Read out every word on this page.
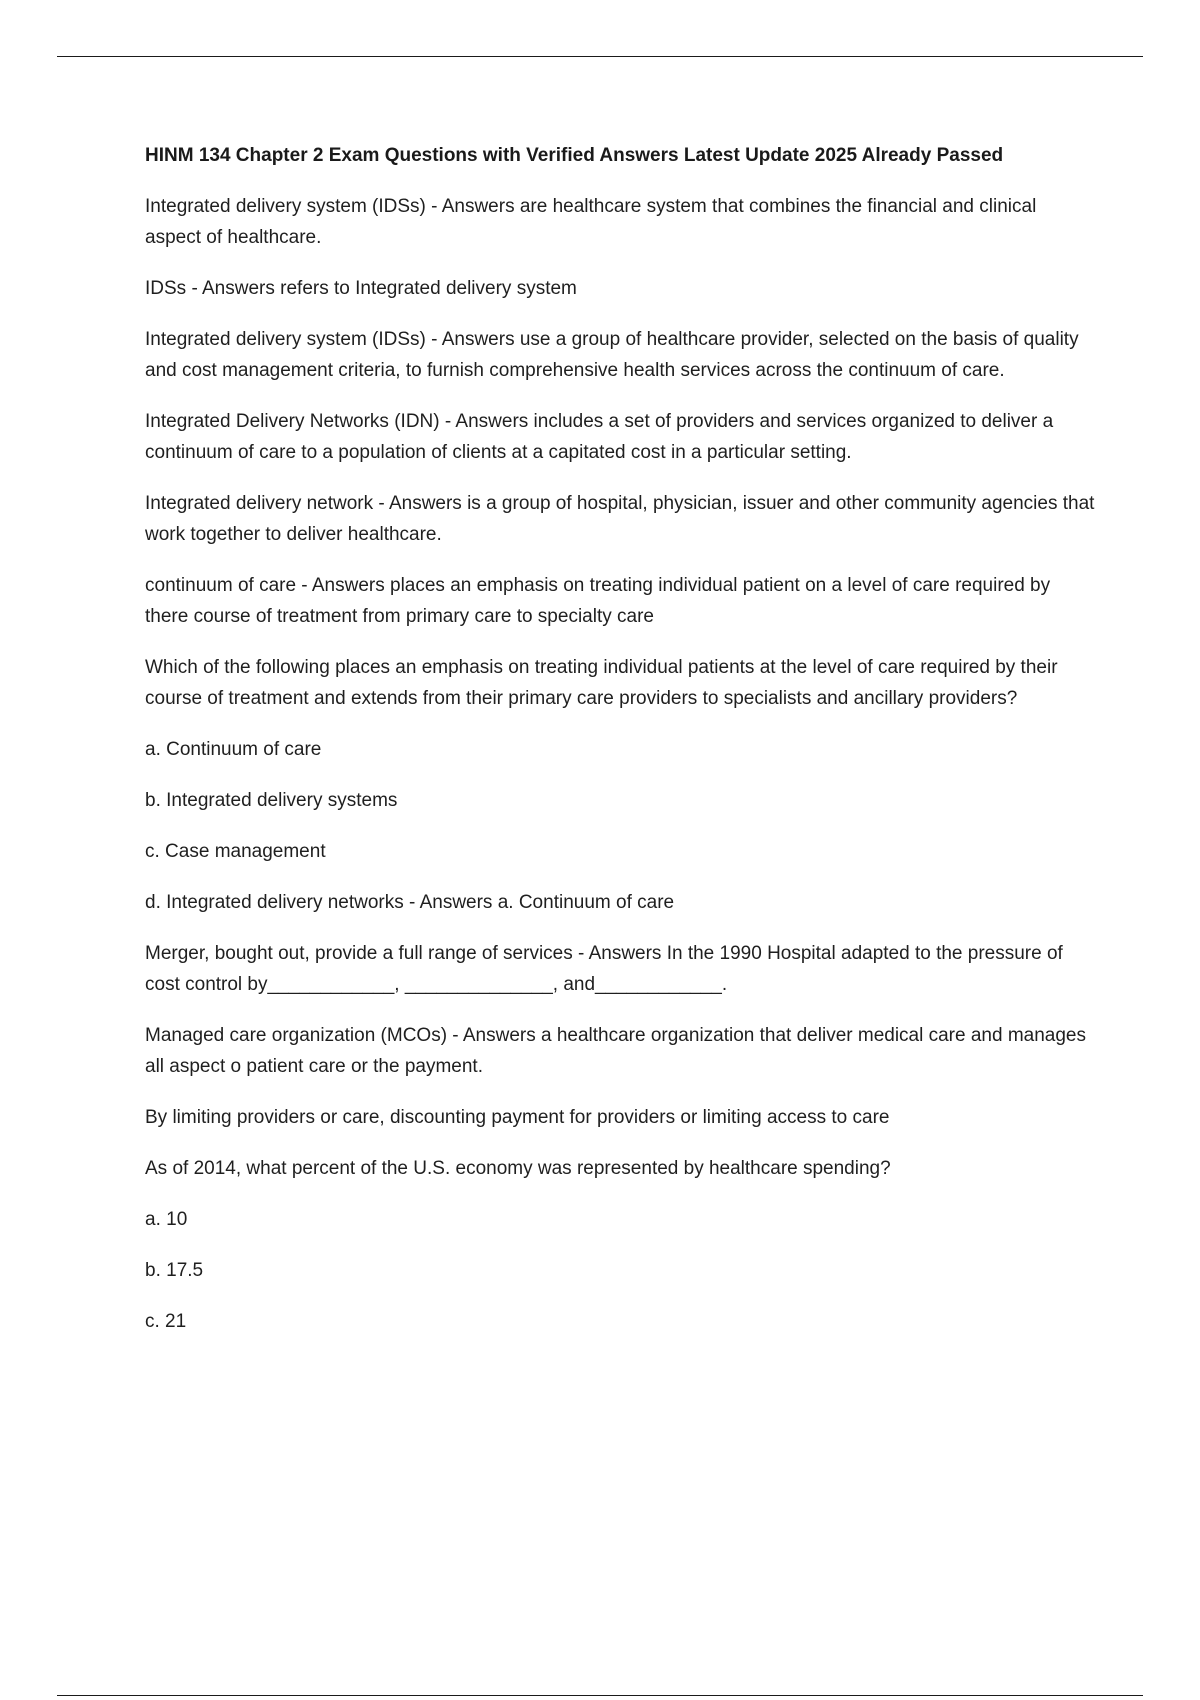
HINM 134 Chapter 2 Exam Questions with Verified Answers Latest Update 2025 Already Passed

Integrated delivery system (IDSs) - Answers are healthcare system that combines the financial and clinical aspect of healthcare.

IDSs - Answers refers to Integrated delivery system

Integrated delivery system (IDSs) - Answers use a group of healthcare provider, selected on the basis of quality and cost management criteria, to furnish comprehensive health services across the continuum of care.

Integrated Delivery Networks (IDN) - Answers includes a set of providers and services organized to deliver a continuum of care to a population of clients at a capitated cost in a particular setting.

Integrated delivery network - Answers is a group of hospital, physician, issuer and other community agencies that work together to deliver healthcare.

continuum of care - Answers places an emphasis on treating individual patient on a level of care required by there course of treatment from primary care to specialty care

Which of the following places an emphasis on treating individual patients at the level of care required by their course of treatment and extends from their primary care providers to specialists and ancillary providers?

a. Continuum of care

b. Integrated delivery systems

c. Case management

d. Integrated delivery networks - Answers a. Continuum of care

Merger, bought out, provide a full range of services - Answers In the 1990 Hospital adapted to the pressure of cost control by____________, ______________, and____________.

Managed care organization (MCOs) - Answers a healthcare organization that deliver medical care and manages all aspect o patient care or the payment.

By limiting providers or care, discounting payment for providers or limiting access to care

As of 2014, what percent of the U.S. economy was represented by healthcare spending?

a. 10

b. 17.5

c. 21
